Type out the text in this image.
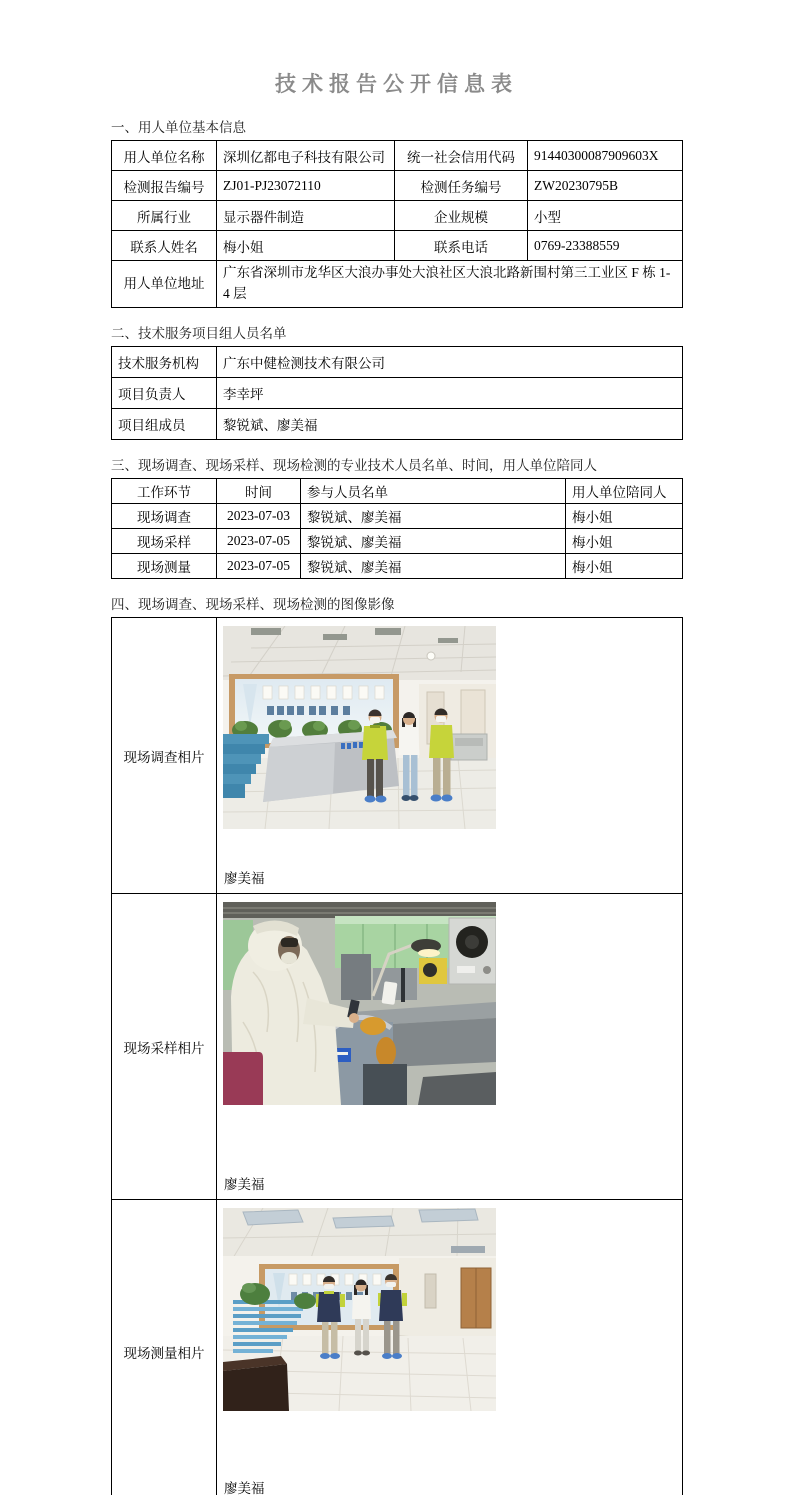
技术报告公开信息表
一、用人单位基本信息
用人单位名称	深圳亿都电子科技有限公司	统一社会信用代码	91440300087909603X
检测报告编号	ZJ01-PJ23072110	检测任务编号	ZW20230795B
所属行业	显示器件制造	企业规模	小型
联系人姓名	梅小姐	联系电话	0769-23388559
用人单位地址	广东省深圳市龙华区大浪办事处大浪社区大浪北路新围村第三工业区 F 栋 1-4 层		
二、技术服务项目组人员名单
技术服务机构	广东中健检测技术有限公司
项目负责人	李幸坪
项目组成员	黎锐斌、廖美福
三、现场调查、现场采样、现场检测的专业技术人员名单、时间，用人单位陪同人
工作环节	时间	参与人员名单	用人单位陪同人
现场调查	2023-07-03	黎锐斌、廖美福	梅小姐
现场采样	2023-07-05	黎锐斌、廖美福	梅小姐
现场测量	2023-07-05	黎锐斌、廖美福	梅小姐
四、现场调查、现场采样、现场检测的图像影像
现场调查相片	廖美福

现场采样相片	廖美福

现场测量相片	廖美福
